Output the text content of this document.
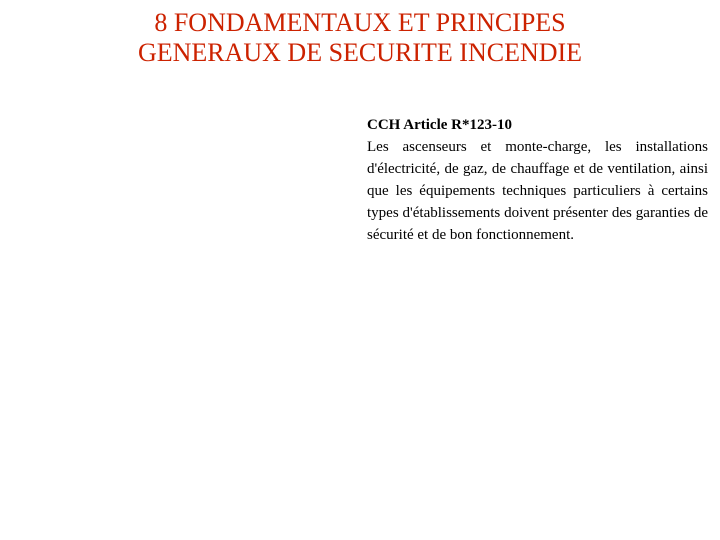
8 FONDAMENTAUX ET PRINCIPES
GENERAUX DE SECURITE INCENDIE
CCH Article R*123-10
Les ascenseurs et monte-charge, les installations d'électricité, de gaz, de chauffage et de ventilation, ainsi que les équipements techniques particuliers à certains types d'établissements doivent présenter des garanties de sécurité et de bon fonctionnement.
